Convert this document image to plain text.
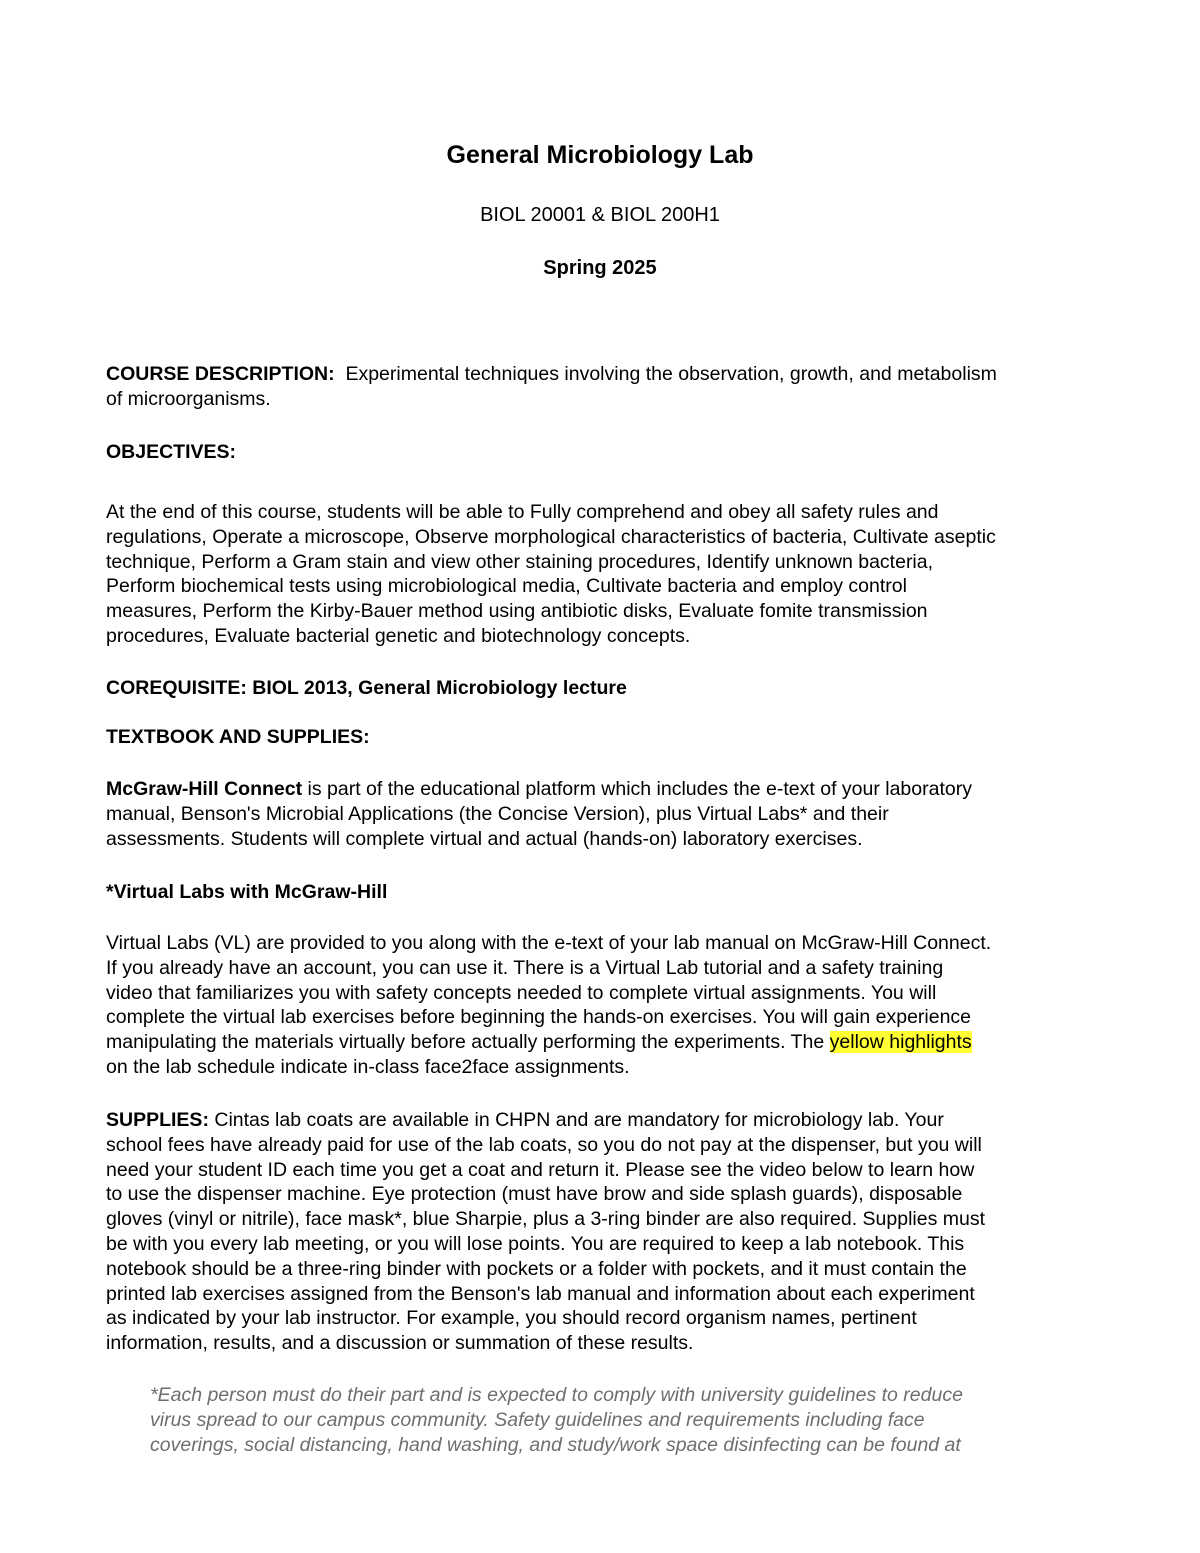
General Microbiology Lab

BIOL 20001 & BIOL 200H1

Spring 2025

COURSE DESCRIPTION: Experimental techniques involving the observation, growth, and metabolism
of microorganisms.
OBJECTIVES:
At the end of this course, students will be able to Fully comprehend and obey all safety rules and
regulations, Operate a microscope, Observe morphological characteristics of bacteria, Cultivate aseptic
technique, Perform a Gram stain and view other staining procedures, Identify unknown bacteria,
Perform biochemical tests using microbiological media, Cultivate bacteria and employ control
measures, Perform the Kirby-Bauer method using antibiotic disks, Evaluate fomite transmission
procedures, Evaluate bacterial genetic and biotechnology concepts.
COREQUISITE: BIOL 2013, General Microbiology lecture
TEXTBOOK AND SUPPLIES:
McGraw-Hill Connect is part of the educational platform which includes the e-text of your laboratory
manual, Benson's Microbial Applications (the Concise Version), plus Virtual Labs* and their
assessments. Students will complete virtual and actual (hands-on) laboratory exercises.
*Virtual Labs with McGraw-Hill
Virtual Labs (VL) are provided to you along with the e-text of your lab manual on McGraw-Hill Connect.
If you already have an account, you can use it. There is a Virtual Lab tutorial and a safety training
video that familiarizes you with safety concepts needed to complete virtual assignments. You will
complete the virtual lab exercises before beginning the hands-on exercises. You will gain experience
manipulating the materials virtually before actually performing the experiments. The yellow highlights
on the lab schedule indicate in-class face2face assignments.
SUPPLIES: Cintas lab coats are available in CHPN and are mandatory for microbiology lab. Your
school fees have already paid for use of the lab coats, so you do not pay at the dispenser, but you will
need your student ID each time you get a coat and return it. Please see the video below to learn how
to use the dispenser machine. Eye protection (must have brow and side splash guards), disposable
gloves (vinyl or nitrile), face mask*, blue Sharpie, plus a 3-ring binder are also required. Supplies must
be with you every lab meeting, or you will lose points. You are required to keep a lab notebook. This
notebook should be a three-ring binder with pockets or a folder with pockets, and it must contain the
printed lab exercises assigned from the Benson's lab manual and information about each experiment
as indicated by your lab instructor. For example, you should record organism names, pertinent
information, results, and a discussion or summation of these results.
*Each person must do their part and is expected to comply with university guidelines to reduce
virus spread to our campus community. Safety guidelines and requirements including face
coverings, social distancing, hand washing, and study/work space disinfecting can be found at
